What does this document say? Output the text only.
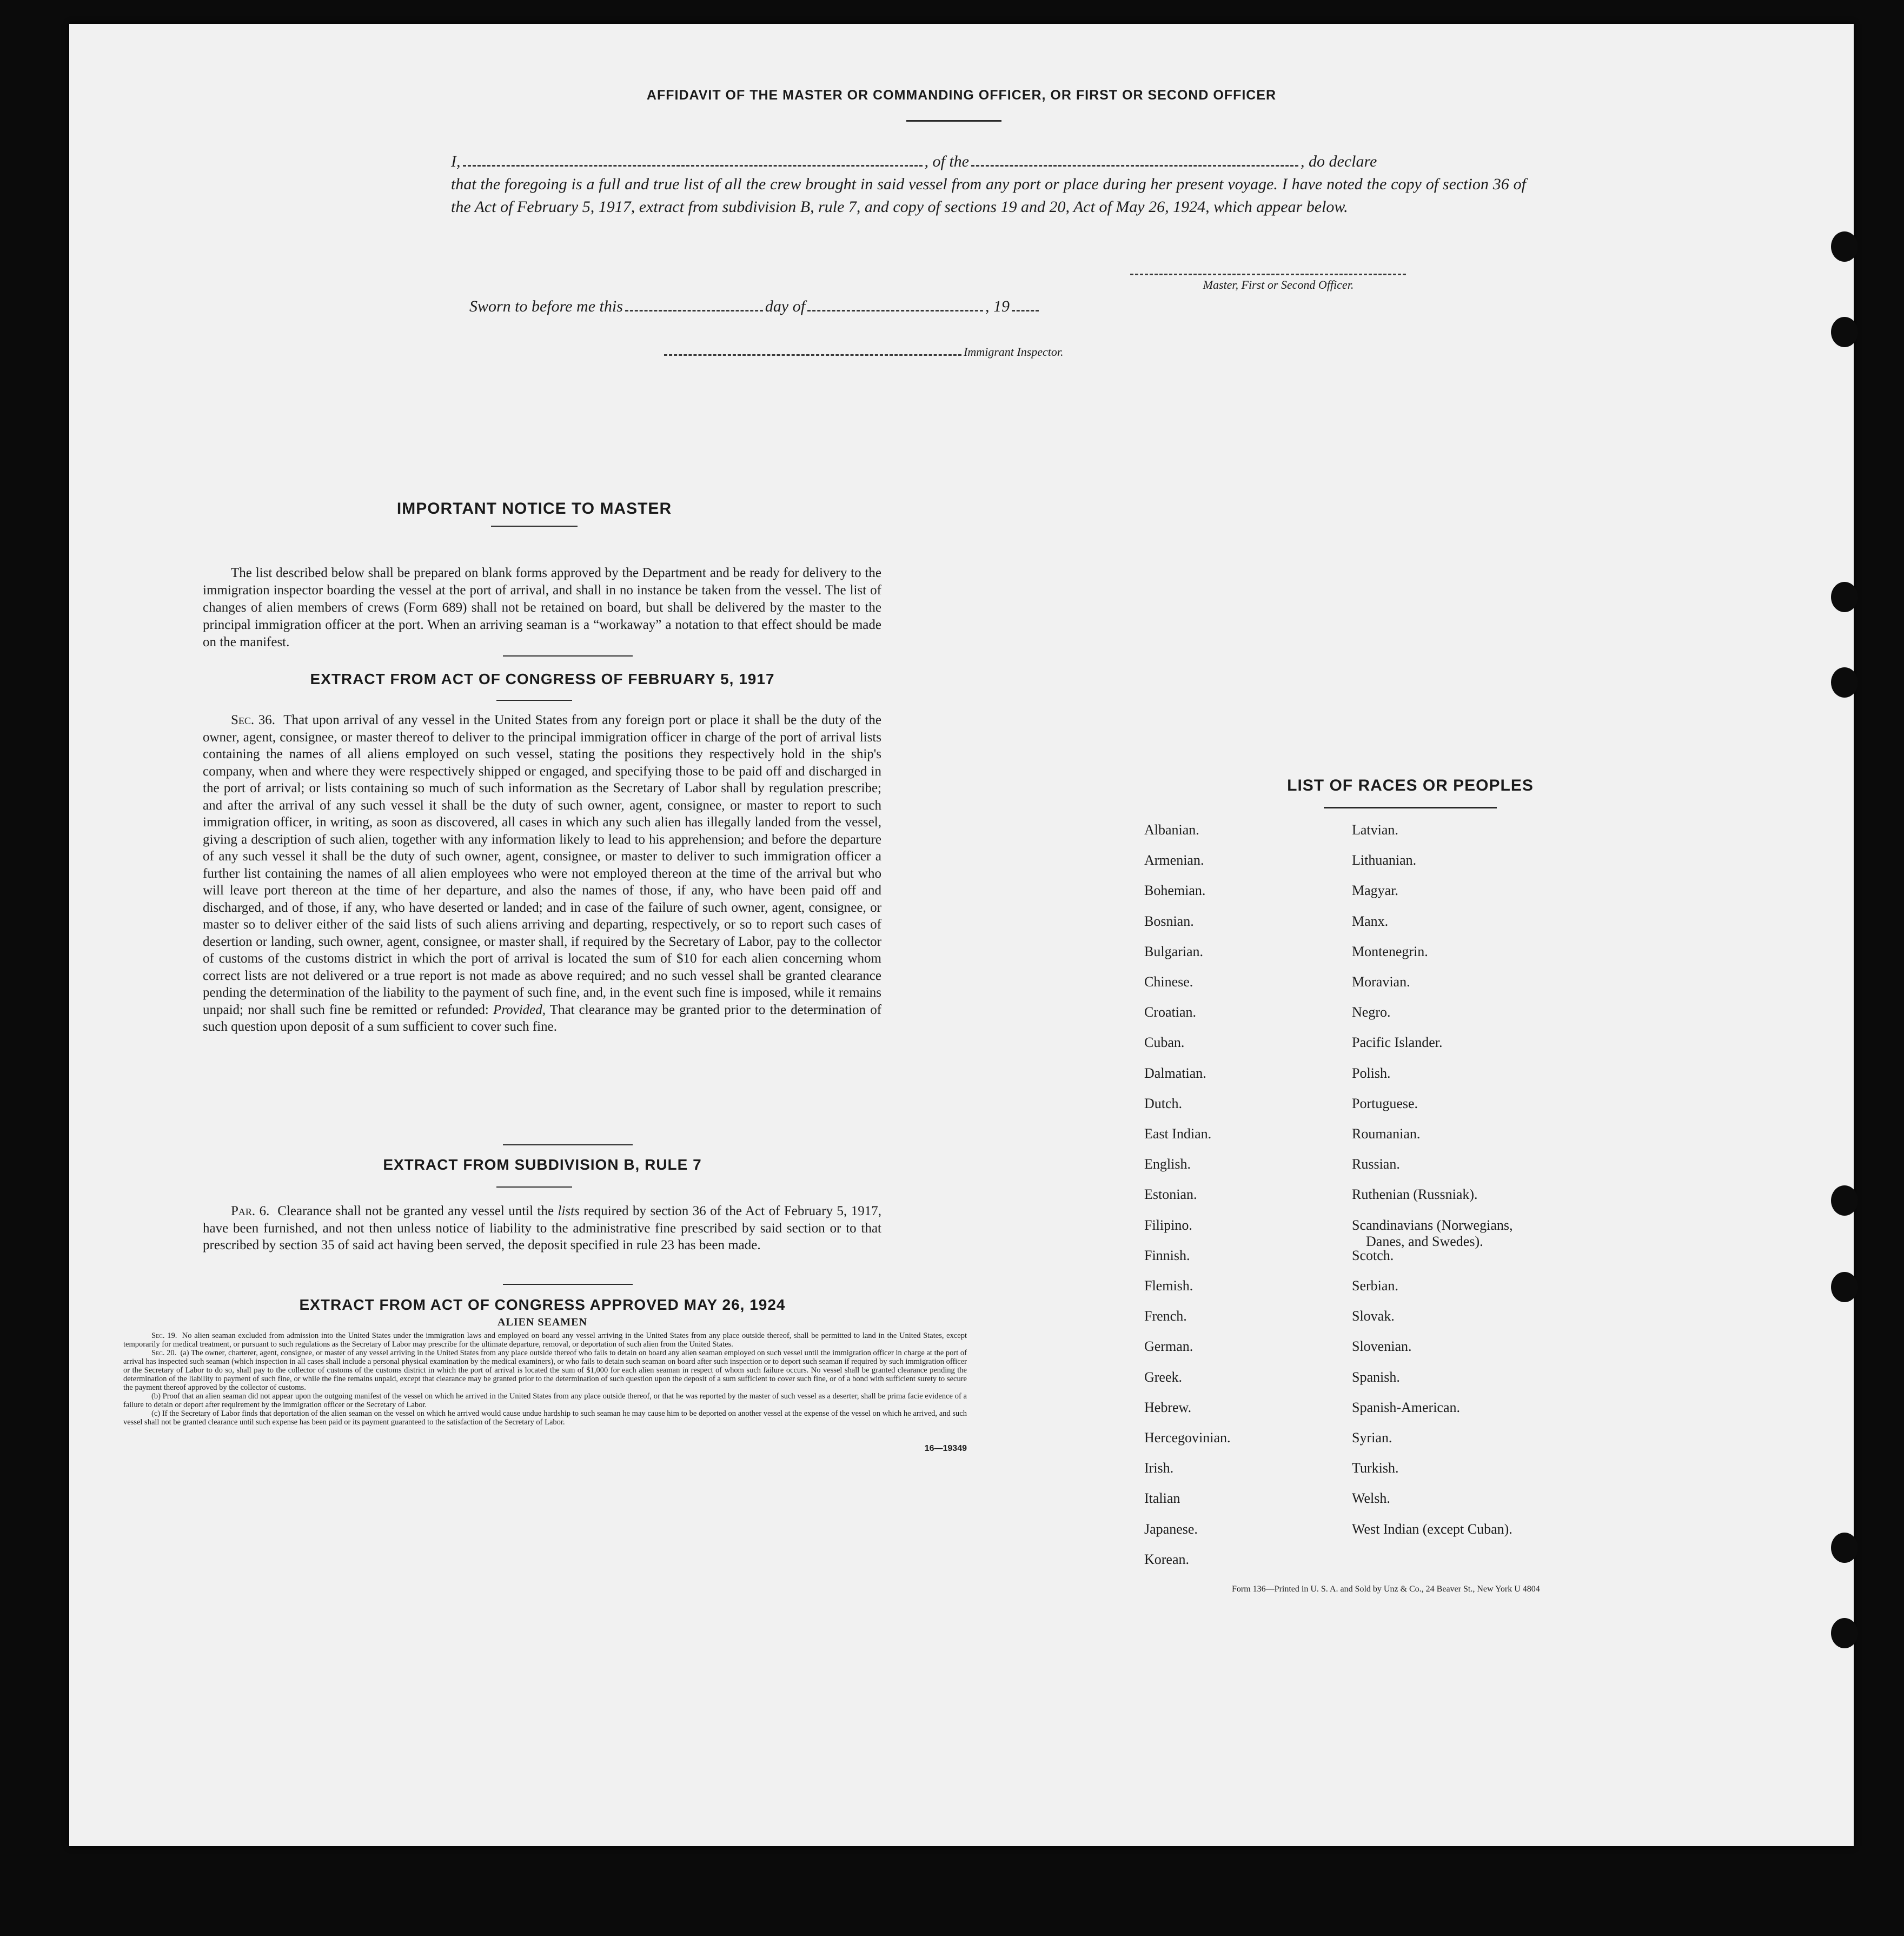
AFFIDAVIT OF THE MASTER OR COMMANDING OFFICER, OR FIRST OR SECOND OFFICER
I,	, of the	, do declare
that the foregoing is a full and true list of all the crew brought in said vessel from any port or place during her present voyage. I have noted the copy of section 36 of the Act of February 5, 1917, extract from subdivision B, rule 7, and copy of sections 19 and 20, Act of May 26, 1924, which appear below.
Master, First or Second Officer.
Sworn to before me this	day of	, 19
Immigrant Inspector.
IMPORTANT NOTICE TO MASTER

The list described below shall be prepared on blank forms approved by the Department and be ready for delivery to the immigration inspector boarding the vessel at the port of arrival, and shall in no instance be taken from the vessel. The list of changes of alien members of crews (Form 689) shall not be retained on board, but shall be delivered by the master to the principal immigration officer at the port. When an arriving seaman is a “workaway” a notation to that effect should be made on the manifest.

EXTRACT FROM ACT OF CONGRESS OF FEBRUARY 5, 1917

Sec. 36. That upon arrival of any vessel in the United States from any foreign port or place it shall be the duty of the owner, agent, consignee, or master thereof to deliver to the principal immigration officer in charge of the port of arrival lists containing the names of all aliens employed on such vessel, stating the positions they respectively hold in the ship's company, when and where they were respectively shipped or engaged, and specifying those to be paid off and discharged in the port of arrival; or lists containing so much of such information as the Secretary of Labor shall by regulation prescribe; and after the arrival of any such vessel it shall be the duty of such owner, agent, consignee, or master to report to such immigration officer, in writing, as soon as discovered, all cases in which any such alien has illegally landed from the vessel, giving a description of such alien, together with any information likely to lead to his apprehension; and before the departure of any such vessel it shall be the duty of such owner, agent, consignee, or master to deliver to such immigration officer a further list containing the names of all alien employees who were not employed thereon at the time of the arrival but who will leave port thereon at the time of her departure, and also the names of those, if any, who have been paid off and discharged, and of those, if any, who have deserted or landed; and in case of the failure of such owner, agent, consignee, or master so to deliver either of the said lists of such aliens arriving and departing, respectively, or so to report such cases of desertion or landing, such owner, agent, consignee, or master shall, if required by the Secretary of Labor, pay to the collector of customs of the customs district in which the port of arrival is located the sum of $10 for each alien concerning whom correct lists are not delivered or a true report is not made as above required; and no such vessel shall be granted clearance pending the determination of the liability to the payment of such fine, and, in the event such fine is imposed, while it remains unpaid; nor shall such fine be remitted or refunded: Provided, That clearance may be granted prior to the determination of such question upon deposit of a sum sufficient to cover such fine.

EXTRACT FROM SUBDIVISION B, RULE 7

Par. 6. Clearance shall not be granted any vessel until the lists required by section 36 of the Act of February 5, 1917, have been furnished, and not then unless notice of liability to the administrative fine prescribed by said section or to that prescribed by section 35 of said act having been served, the deposit specified in rule 23 has been made.

EXTRACT FROM ACT OF CONGRESS APPROVED MAY 26, 1924
ALIEN SEAMEN

Sec. 19. No alien seaman excluded from admission into the United States under the immigration laws and employed on board any vessel arriving in the United States from any place outside thereof, shall be permitted to land in the United States, except temporarily for medical treatment, or pursuant to such regulations as the Secretary of Labor may prescribe for the ultimate departure, removal, or deportation of such alien from the United States.

Sec. 20. (a) The owner, charterer, agent, consignee, or master of any vessel arriving in the United States from any place outside thereof who fails to detain on board any alien seaman employed on such vessel until the immigration officer in charge at the port of arrival has inspected such seaman (which inspection in all cases shall include a personal physical examination by the medical examiners), or who fails to detain such seaman on board after such inspection or to deport such seaman if required by such immigration officer or the Secretary of Labor to do so, shall pay to the collector of customs of the customs district in which the port of arrival is located the sum of $1,000 for each alien seaman in respect of whom such failure occurs. No vessel shall be granted clearance pending the determination of the liability to payment of such fine, or while the fine remains unpaid, except that clearance may be granted prior to the determination of such question upon the deposit of a sum sufficient to cover such fine, or of a bond with sufficient surety to secure the payment thereof approved by the collector of customs.

(b) Proof that an alien seaman did not appear upon the outgoing manifest of the vessel on which he arrived in the United States from any place outside thereof, or that he was reported by the master of such vessel as a deserter, shall be prima facie evidence of a failure to detain or deport after requirement by the immigration officer or the Secretary of Labor.

(c) If the Secretary of Labor finds that deportation of the alien seaman on the vessel on which he arrived would cause undue hardship to such seaman he may cause him to be deported on another vessel at the expense of the vessel on which he arrived, and such vessel shall not be granted clearance until such expense has been paid or its payment guaranteed to the satisfaction of the Secretary of Labor.

16—19349
LIST OF RACES OR PEOPLES
Albanian.
Armenian.
Bohemian.
Bosnian.
Bulgarian.
Chinese.
Croatian.
Cuban.
Dalmatian.
Dutch.
East Indian.
English.
Estonian.
Filipino.
Finnish.
Flemish.
French.
German.
Greek.
Hebrew.
Hercegovinian.
Irish.
Italian
Japanese.
Korean.
Latvian.
Lithuanian.
Magyar.
Manx.
Montenegrin.
Moravian.
Negro.
Pacific Islander.
Polish.
Portuguese.
Roumanian.
Russian.
Ruthenian (Russniak).
Scandinavians (Norwegians,
Danes, and Swedes).
Scotch.
Serbian.
Slovak.
Slovenian.
Spanish.
Spanish-American.
Syrian.
Turkish.
Welsh.
West Indian (except Cuban).
Form 136—Printed in U. S. A. and Sold by Unz & Co., 24 Beaver St., New York U 4804
